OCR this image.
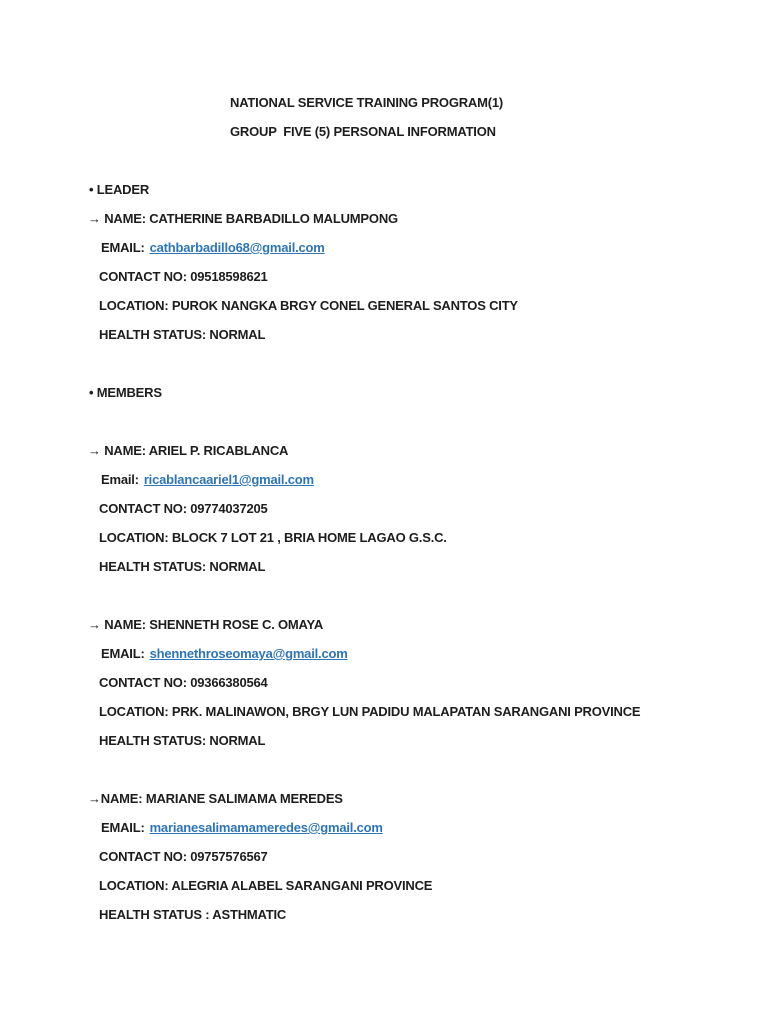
NATIONAL SERVICE TRAINING PROGRAM(1)
GROUP  FIVE (5) PERSONAL INFORMATION
• LEADER
→ NAME: CATHERINE BARBADILLO MALUMPONG
EMAIL: cathbarbadillo68@gmail.com
CONTACT NO: 09518598621
LOCATION: PUROK NANGKA BRGY CONEL GENERAL SANTOS CITY
HEALTH STATUS: NORMAL
• MEMBERS
→ NAME: ARIEL P. RICABLANCA
Email: ricablancaariel1@gmail.com
CONTACT NO: 09774037205
LOCATION: BLOCK 7 LOT 21 , BRIA HOME LAGAO G.S.C.
HEALTH STATUS: NORMAL
→ NAME: SHENNETH ROSE C. OMAYA
EMAIL: shennethroseomaya@gmail.com
CONTACT NO: 09366380564
LOCATION: PRK. MALINAWON, BRGY LUN PADIDU MALAPATAN SARANGANI PROVINCE
HEALTH STATUS: NORMAL
→NAME: MARIANE SALIMAMA MEREDES
EMAIL: marianesalimamameredes@gmail.com
CONTACT NO: 09757576567
LOCATION: ALEGRIA ALABEL SARANGANI PROVINCE
HEALTH STATUS : ASTHMATIC
